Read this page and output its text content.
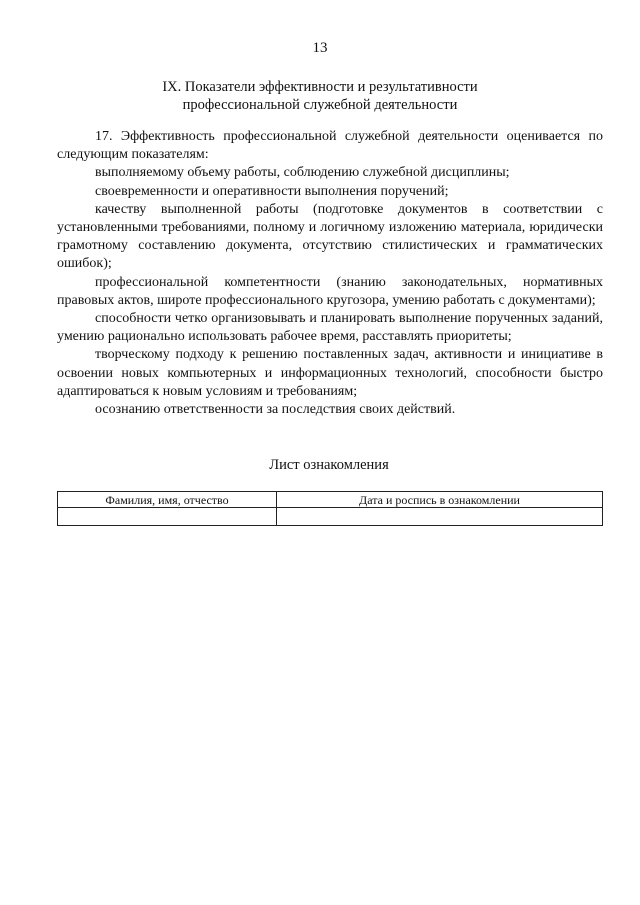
13
IX. Показатели эффективности и результативности
профессиональной служебной деятельности

17. Эффективность профессиональной служебной деятельности оценивается по следующим показателям:

выполняемому объему работы, соблюдению служебной дисциплины;

своевременности и оперативности выполнения поручений;

качеству выполненной работы (подготовке документов в соответствии с установленными требованиями, полному и логичному изложению материала, юридически грамотному составлению документа, отсутствию стилистических и грамматических ошибок);

профессиональной компетентности (знанию законодательных, нормативных правовых актов, широте профессионального кругозора, умению работать с документами);

способности четко организовывать и планировать выполнение порученных заданий, умению рационально использовать рабочее время, расставлять приоритеты;

творческому подходу к решению поставленных задач, активности и инициативе в освоении новых компьютерных и информационных технологий, способности быстро адаптироваться к новым условиям и требованиям;

осознанию ответственности за последствия своих действий.

Лист ознакомления
Фамилия, имя, отчество	Дата и роспись в ознакомлении
